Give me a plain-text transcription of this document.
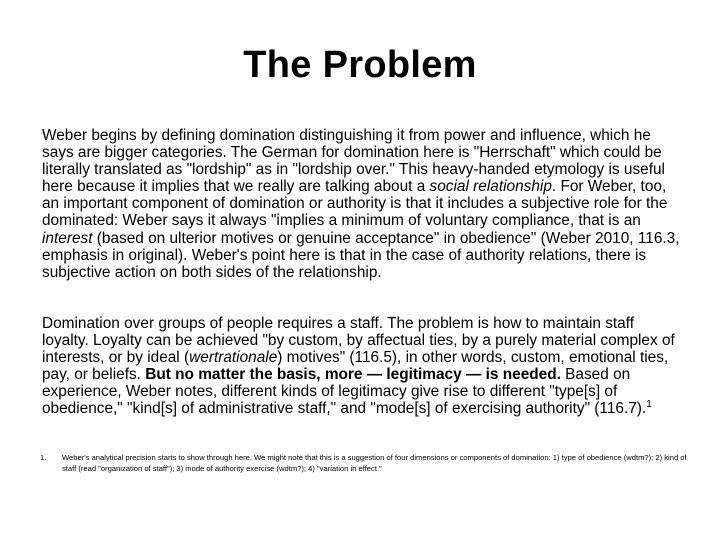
The Problem
Weber begins by defining domination distinguishing it from power and influence, which he says are bigger categories. The German for domination here is "Herrschaft" which could be literally translated as "lordship" as in "lordship over." This heavy-handed etymology is useful here because it implies that we really are talking about a social relationship. For Weber, too, an important component of domination or authority is that it includes a subjective role for the dominated: Weber says it always "implies a minimum of voluntary compliance, that is an interest (based on ulterior motives or genuine acceptance" in obedience" (Weber 2010, 116.3, emphasis in original). Weber's point here is that in the case of authority relations, there is subjective action on both sides of the relationship.
Domination over groups of people requires a staff. The problem is how to maintain staff loyalty. Loyalty can be achieved "by custom, by affectual ties, by a purely material complex of interests, or by ideal (wertrationale) motives" (116.5), in other words, custom, emotional ties, pay, or beliefs. But no matter the basis, more — legitimacy — is needed. Based on experience, Weber notes, different kinds of legitimacy give rise to different "type[s] of obedience," "kind[s] of administrative staff," and "mode[s] of exercising authority" (116.7).$^1$
1.	Weber's analytical precision starts to show through here. We might note that this is a suggestion of four dimensions or components of domination: 1) type of obedience (wdtm?); 2) kind of staff (read "organization of staff"); 3) mode of authority exercise (wdtm?); 4) "variation in effect."
